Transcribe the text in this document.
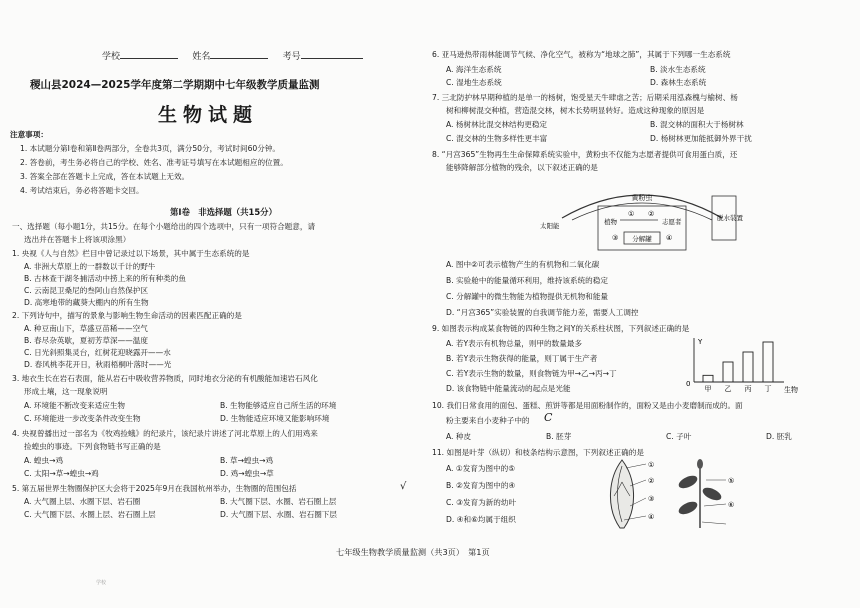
学校	姓名	考号
稷山县2024—2025学年度第二学期期中七年级教学质量监测
生物试题
注意事项：
1. 本试题分第Ⅰ卷和第Ⅱ卷两部分，全卷共3页，满分50分，考试时间60分钟。
2. 答卷前，考生务必将自己的学校、姓名、准考证号填写在本试题相应的位置。
3. 答案全部在答题卡上完成，答在本试题上无效。
4. 考试结束后，务必将答题卡交回。
第Ⅰ卷　非选择题（共15分）
一、选择题（每小题1分，共15分。在每个小题给出的四个选项中，只有一项符合题意，请
选出并在答题卡上将该项涂黑）
1. 央视《人与自然》栏目中曾记录过以下场景，其中属于生态系统的是
A. 非洲大草原上的一群数以千计的野牛
B. 古林查干湖冬捕活动中捞上来的所有种类的鱼
C. 云南昆卫桑尼的叁阿山自然保护区
D. 高寒地带的藏葵大棚内的所有生物
2. 下列诗句中，描写的景象与影响生物生命活动的因素匹配正确的是
A. 种豆南山下，草盛豆苗稀——空气
B. 春尽杂英歇，夏初芳草深——温度
C. 日光斜照集灵台，红树花迎晓露开——水
D. 春风桃李花开日，秋雨梧桐叶落时——光
3. 地衣生长在岩石表面，能从岩石中吸收营养物质，同时地衣分泌的有机酸能加速岩石风化
形成土壤，这一现象说明
A. 环境能不断改变来适应生物	B. 生物能够适应自己所生活的环境
C. 环境能进一步改变条件改变生物	D. 生物能适应环境又能影响环境
4. 央视曾播出过一部名为《牧鸡捡蛾》的纪录片，该纪录片讲述了河北草原上的人们用鸡来
捡蝗虫的事迹。下列食物链书写正确的是
A. 蝗虫→鸡	B. 草→蝗虫→鸡
C. 太阳→草→蝗虫→鸡	D. 鸡→蝗虫→草
5. 第五届世界生物圈保护区大会将于2025年9月在我国杭州举办，生物圈的范围包括	√
A. 大气圈上层、水圈下层、岩石圈	B. 大气圈下层、水圈、岩石圈上层
C. 大气圈下层、水圈上层、岩石圈上层	D. 大气圈下层、水圈、岩石圈下层
6. 亚马逊热带雨林能调节气候、净化空气，被称为“地球之肺”，其属于下列哪一生态系统
A. 海洋生态系统	B. 淡水生态系统
C. 湿地生态系统	D. 森林生态系统
7. 三北防护林早期种植的是单一的杨树，饱受星天牛肆虐之苦；后期采用泓森槐与榆树、杨
树和柳树混交种植，营造混交林，树木长势明显转好。造成这种现象的原因是
A. 杨树林比混交林结构更稳定	B. 混交林的面积大于杨树林
C. 混交林的生物多样性更丰富	D. 杨树林更加能抵御外界干扰
8. “月宫365”生物再生生命保障系统实验中，黄粉虫不仅能为志愿者提供可食用蛋白质，还
能够降解部分植物的残余，以下叙述正确的是
黄粉虫
太阳能	植物	志愿者
分解罐
脱水装置
① ②
③	④
A. 图中②可表示植物产生的有机物和二氧化碳
B. 实验舱中的能量循环利用，维持该系统的稳定
C. 分解罐中的微生物能为植物提供无机物和能量
D. “月宫365”实验装置的自我调节能力差，需要人工调控
9. 如图表示构成某食物链的四种生物之间Y的关系柱状图，下列叙述正确的是
A. 若Y表示有机物总量，则甲的数量最多
B. 若Y表示生物获得的能量，则丁属于生产者
C. 若Y表示生物的数量，则食物链为甲→乙→丙→丁
D. 该食物链中能量流动的起点是光能
Y
0
生物
甲 乙 丙 丁
10. 我们日常食用的面包、蛋糕、煎饼等都是用面粉制作的，面粉又是由小麦磨制而成的。面
粉主要来自小麦种子中的 C
A. 种皮	B. 胚芽	C. 子叶	D. 胚乳
11. 如图是叶芽（纵切）和枝条结构示意图，下列叙述正确的是
A. ①发育为图中的⑤
B. ②发育为图中的④
C. ③发育为新的幼叶
D. ④和⑥均属于组织
①
②
③
④
⑤
⑥
七年级生物教学质量监测（共3页）　第1页
学校
